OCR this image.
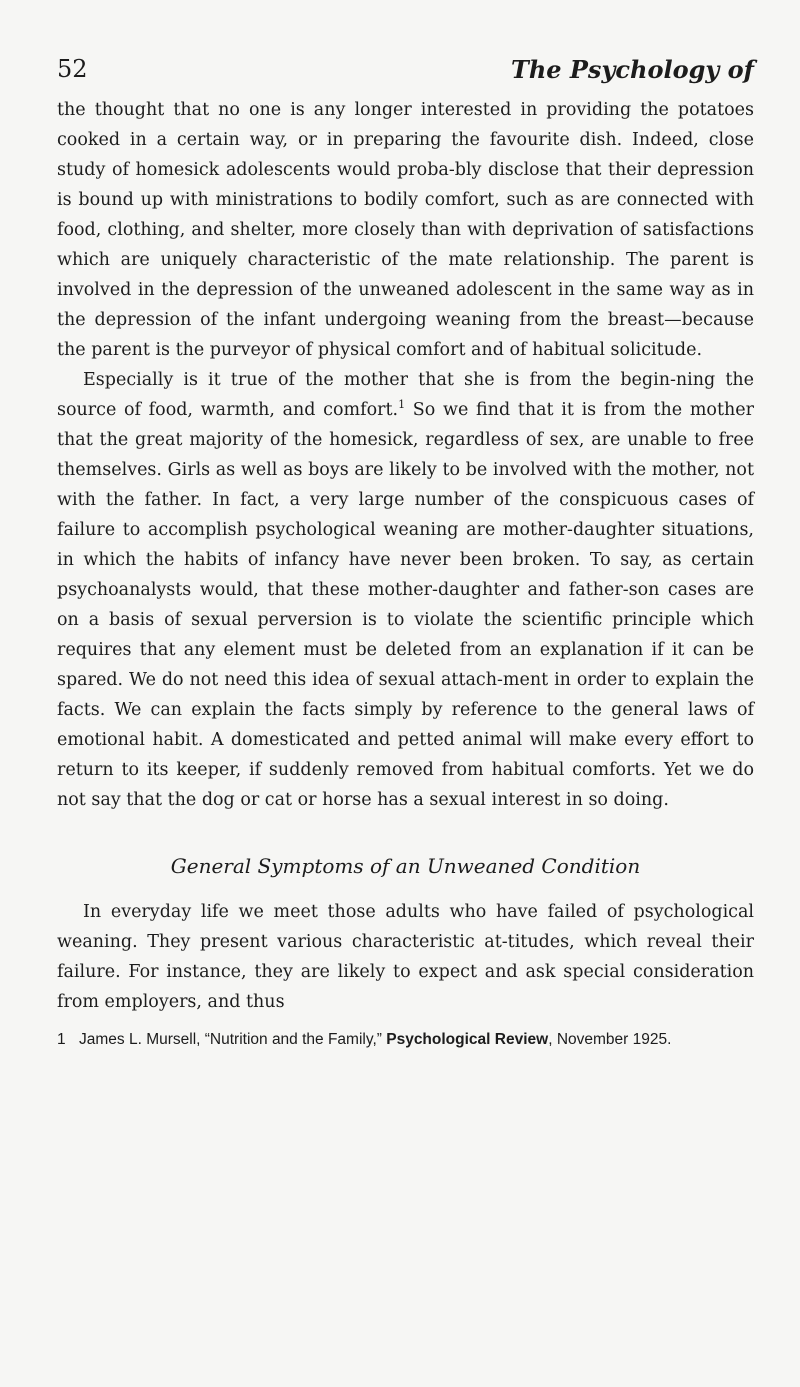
52	The Psychology of

the thought that no one is any longer interested in providing the potatoes cooked in a certain way, or in preparing the favourite dish. Indeed, close study of homesick adolescents would proba-bly disclose that their depression is bound up with ministrations to bodily comfort, such as are connected with food, clothing, and shelter, more closely than with deprivation of satisfactions which are uniquely characteristic of the mate relationship. The parent is involved in the depression of the unweaned adolescent in the same way as in the depression of the infant undergoing weaning from the breast—because the parent is the purveyor of physical comfort and of habitual solicitude.

Especially is it true of the mother that she is from the begin-ning the source of food, warmth, and comfort.$^1$ So we find that it is from the mother that the great majority of the homesick, regardless of sex, are unable to free themselves. Girls as well as boys are likely to be involved with the mother, not with the father. In fact, a very large number of the conspicuous cases of failure to accomplish psychological weaning are mother-daughter situations, in which the habits of infancy have never been broken. To say, as certain psychoanalysts would, that these mother-daughter and father-son cases are on a basis of sexual perversion is to violate the scientific principle which requires that any element must be deleted from an explanation if it can be spared. We do not need this idea of sexual attach-ment in order to explain the facts. We can explain the facts simply by reference to the general laws of emotional habit. A domesticated and petted animal will make every effort to return to its keeper, if suddenly removed from habitual comforts. Yet we do not say that the dog or cat or horse has a sexual interest in so doing.

General Symptoms of an Unweaned Condition

In everyday life we meet those adults who have failed of psychological weaning. They present various characteristic at-titudes, which reveal their failure. For instance, they are likely to expect and ask special consideration from employers, and thus

1 James L. Mursell, “Nutrition and the Family,” Psychological Review, November 1925.
